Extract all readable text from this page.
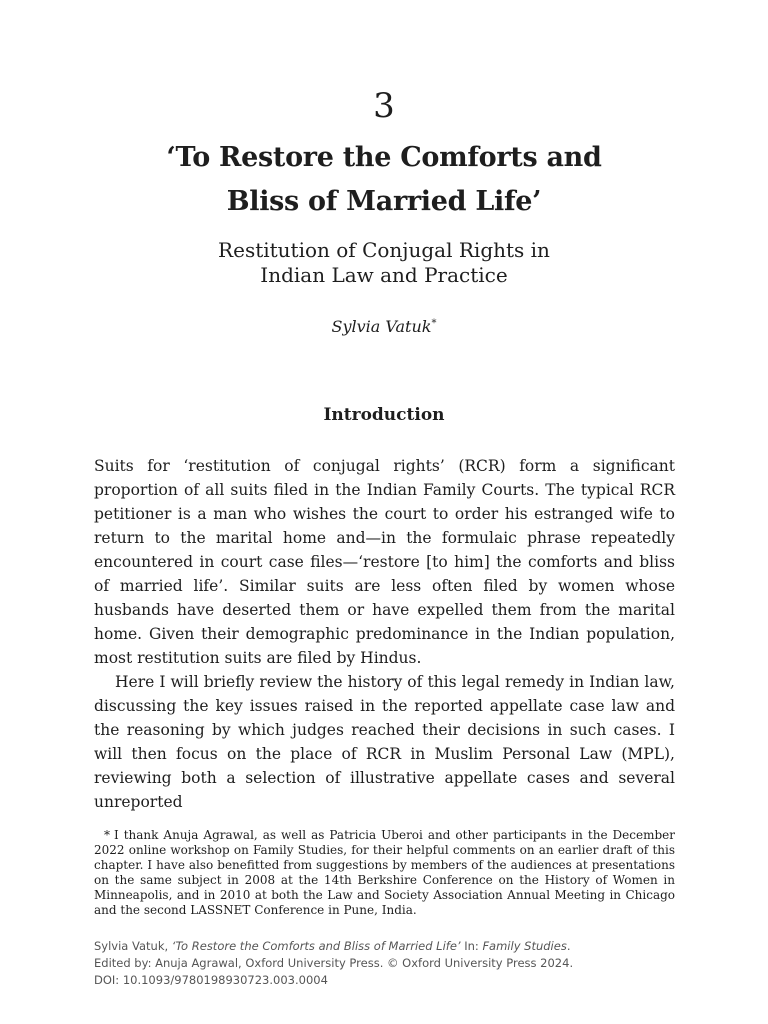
3
‘To Restore the Comforts and
Bliss of Married Life’
Restitution of Conjugal Rights in
Indian Law and Practice
Sylvia Vatuk*
Introduction

Suits for ‘restitution of conjugal rights’ (RCR) form a significant proportion of all suits filed in the Indian Family Courts. The typical RCR petitioner is a man who wishes the court to order his estranged wife to return to the marital home and—in the formulaic phrase repeatedly encountered in court case files—‘restore [to him] the comforts and bliss of married life’. Similar suits are less often filed by women whose husbands have deserted them or have expelled them from the marital home. Given their demographic predominance in the Indian population, most restitution suits are filed by Hindus.

Here I will briefly review the history of this legal remedy in Indian law, discussing the key issues raised in the reported appellate case law and the reasoning by which judges reached their decisions in such cases. I will then focus on the place of RCR in Muslim Personal Law (MPL), reviewing both a selection of illustrative appellate cases and several unreported

* I thank Anuja Agrawal, as well as Patricia Uberoi and other participants in the December 2022 online workshop on Family Studies, for their helpful comments on an earlier draft of this chapter. I have also benefitted from suggestions by members of the audiences at presentations on the same subject in 2008 at the 14th Berkshire Conference on the History of Women in Minneapolis, and in 2010 at both the Law and Society Association Annual Meeting in Chicago and the second LASSNET Conference in Pune, India.
Sylvia Vatuk, ‘To Restore the Comforts and Bliss of Married Life’ In: Family Studies.
Edited by: Anuja Agrawal, Oxford University Press. © Oxford University Press 2024.
DOI: 10.1093/9780198930723.003.0004
